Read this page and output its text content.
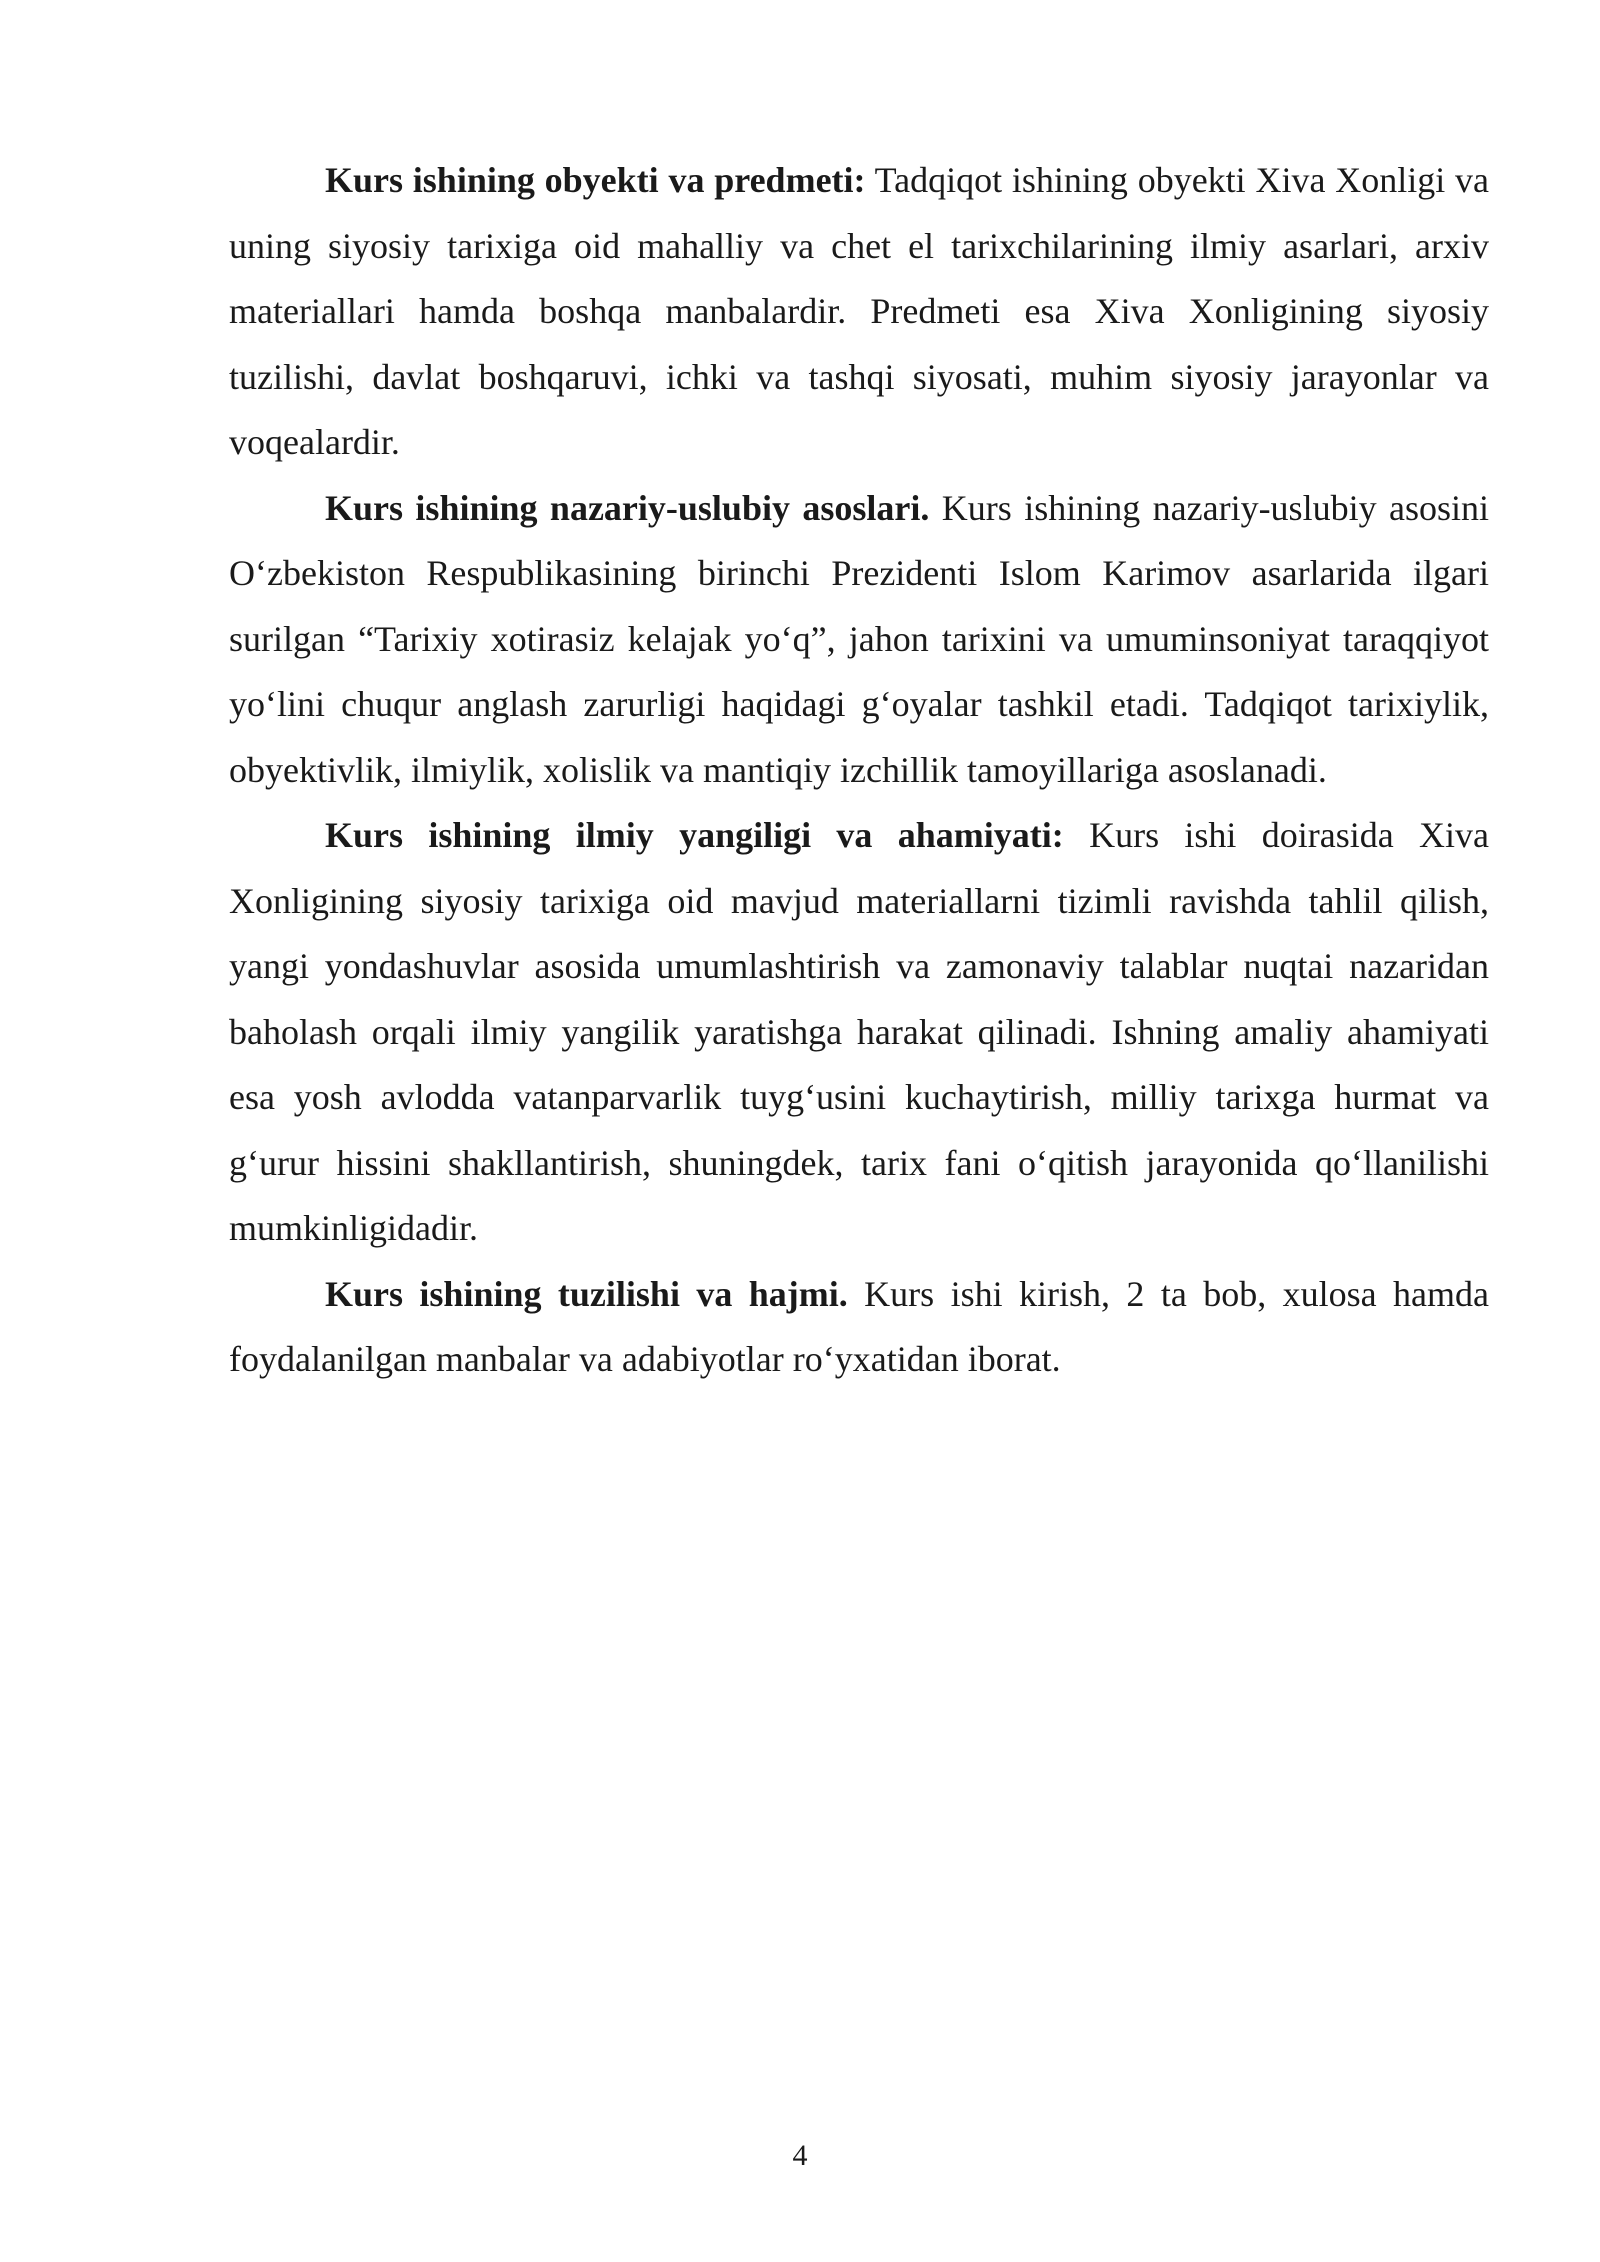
Kurs ishining obyekti va predmeti: Tadqiqot ishining obyekti Xiva Xonligi va uning siyosiy tarixiga oid mahalliy va chet el tarixchilarining ilmiy asarlari, arxiv materiallari hamda boshqa manbalardir. Predmeti esa Xiva Xonligining siyosiy tuzilishi, davlat boshqaruvi, ichki va tashqi siyosati, muhim siyosiy jarayonlar va voqealardir.

Kurs ishining nazariy-uslubiy asoslari. Kurs ishining nazariy-uslubiy asosini O‘zbekiston Respublikasining birinchi Prezidenti Islom Karimov asarlarida ilgari surilgan “Tarixiy xotirasiz kelajak yo‘q”, jahon tarixini va umuminsoniyat taraqqiyot yo‘lini chuqur anglash zarurligi haqidagi g‘oyalar tashkil etadi. Tadqiqot tarixiylik, obyektivlik, ilmiylik, xolislik va mantiqiy izchillik tamoyillariga asoslanadi.

Kurs ishining ilmiy yangiligi va ahamiyati: Kurs ishi doirasida Xiva Xonligining siyosiy tarixiga oid mavjud materiallarni tizimli ravishda tahlil qilish, yangi yondashuvlar asosida umumlashtirish va zamonaviy talablar nuqtai nazaridan baholash orqali ilmiy yangilik yaratishga harakat qilinadi. Ishning amaliy ahamiyati esa yosh avlodda vatanparvarlik tuyg‘usini kuchaytirish, milliy tarixga hurmat va g‘urur hissini shakllantirish, shuningdek, tarix fani o‘qitish jarayonida qo‘llanilishi mumkinligidadir.

Kurs ishining tuzilishi va hajmi. Kurs ishi kirish, 2 ta bob, xulosa hamda foydalanilgan manbalar va adabiyotlar ro‘yxatidan iborat.

4
